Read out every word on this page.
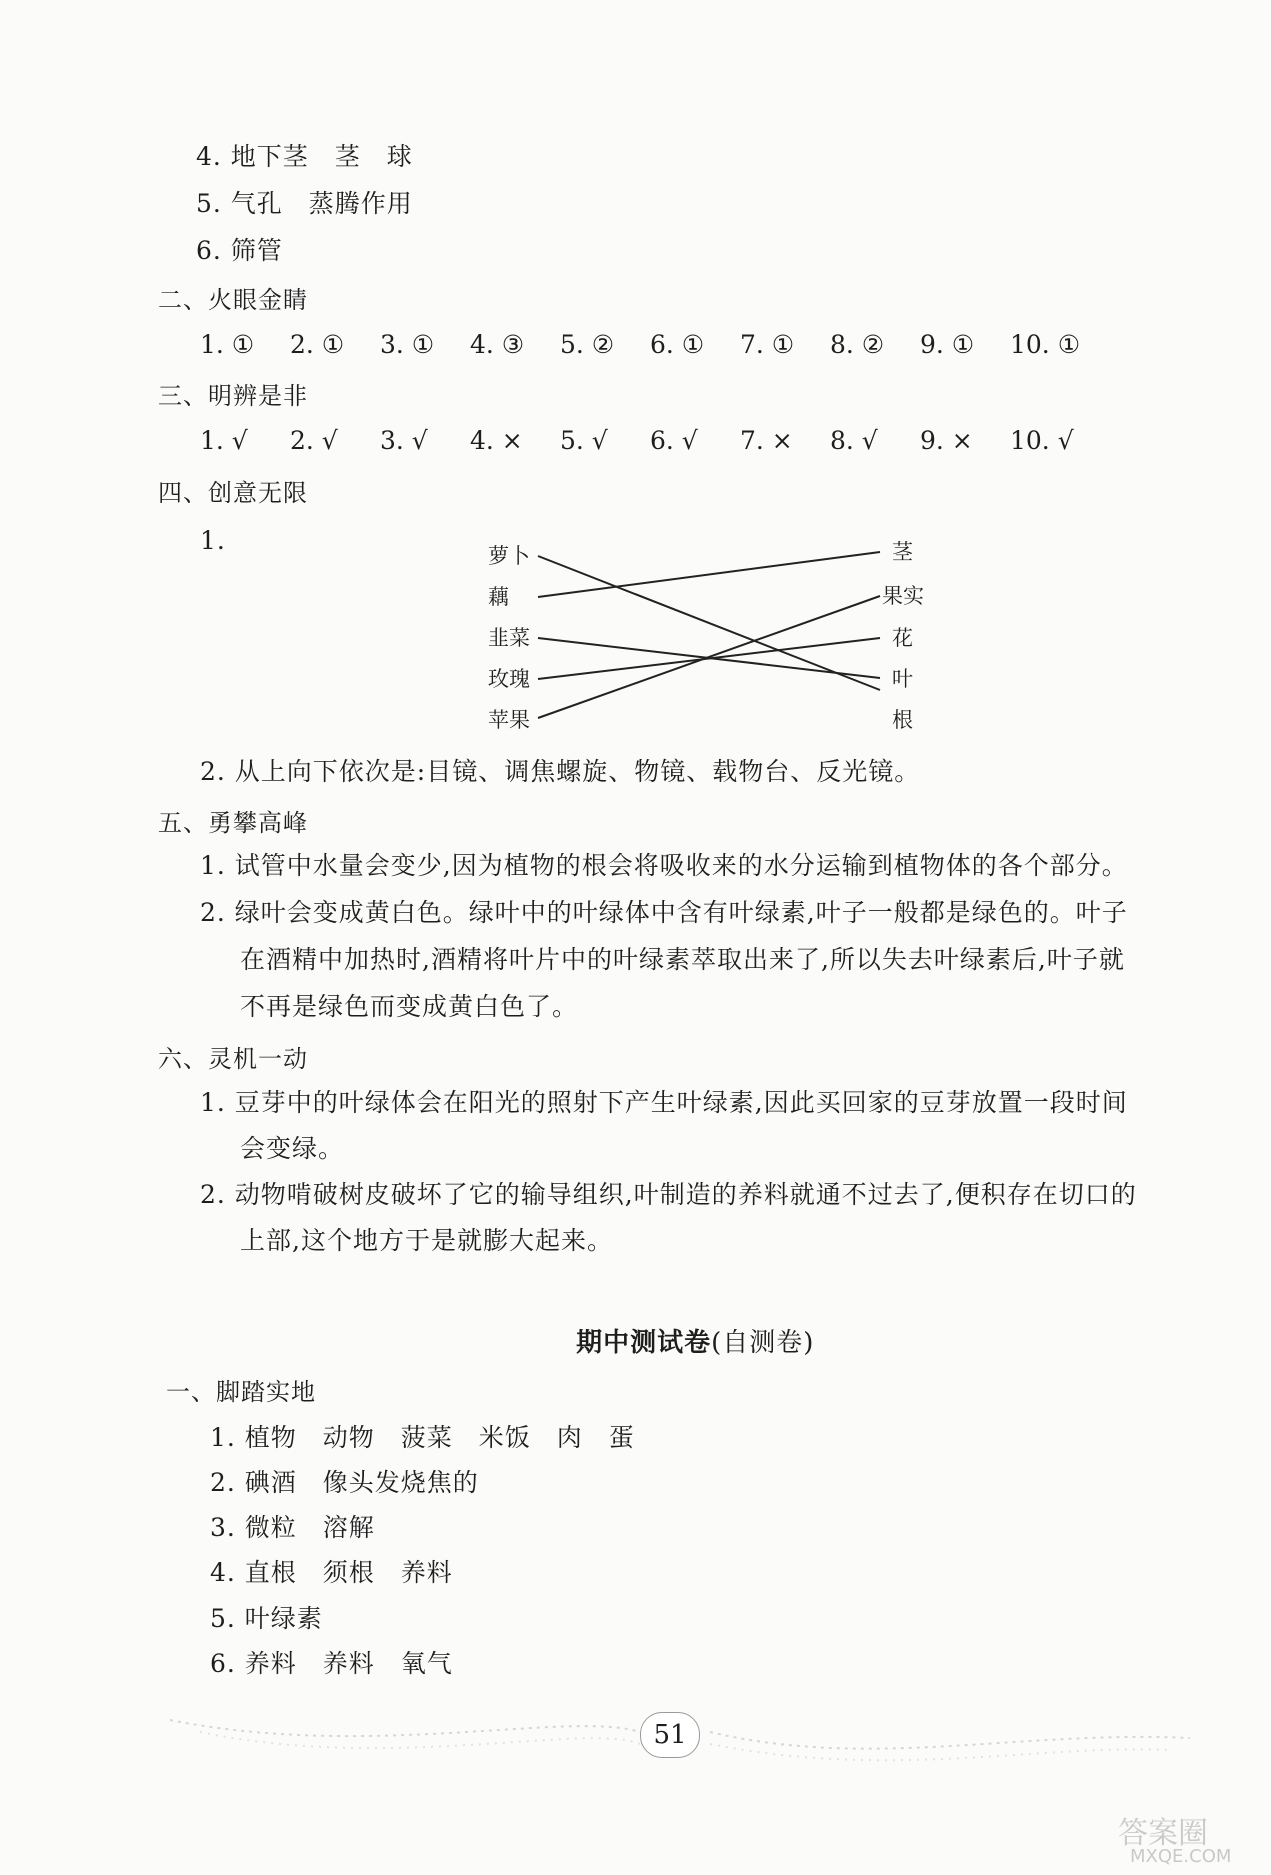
4. 地下茎　茎　球
5. 气孔　蒸腾作用
6. 筛管
二、火眼金睛
1. ①	2. ①	3. ①	4. ③	5. ②	6. ①	7. ①	8. ②	9. ①	10. ①
三、明辨是非
1. √	2. √	3. √	4. ×	5. √	6. √	7. ×	8. √	9. ×	10. √
四、创意无限
1.
萝卜
藕
韭菜
玫瑰
苹果
茎
果实
花
叶
根
2. 从上向下依次是:目镜、调焦螺旋、物镜、载物台、反光镜。
五、勇攀高峰
1. 试管中水量会变少,因为植物的根会将吸收来的水分运输到植物体的各个部分。
2. 绿叶会变成黄白色。绿叶中的叶绿体中含有叶绿素,叶子一般都是绿色的。叶子
在酒精中加热时,酒精将叶片中的叶绿素萃取出来了,所以失去叶绿素后,叶子就
不再是绿色而变成黄白色了。
六、灵机一动
1. 豆芽中的叶绿体会在阳光的照射下产生叶绿素,因此买回家的豆芽放置一段时间
会变绿。
2. 动物啃破树皮破坏了它的输导组织,叶制造的养料就通不过去了,便积存在切口的
上部,这个地方于是就膨大起来。

期中测试卷(自测卷)

一、脚踏实地
1. 植物　动物　菠菜　米饭　肉　蛋
2. 碘酒　像头发烧焦的
3. 微粒　溶解
4. 直根　须根　养料
5. 叶绿素
6. 养料　养料　氧气
51
答案圈
MXQE.COM
